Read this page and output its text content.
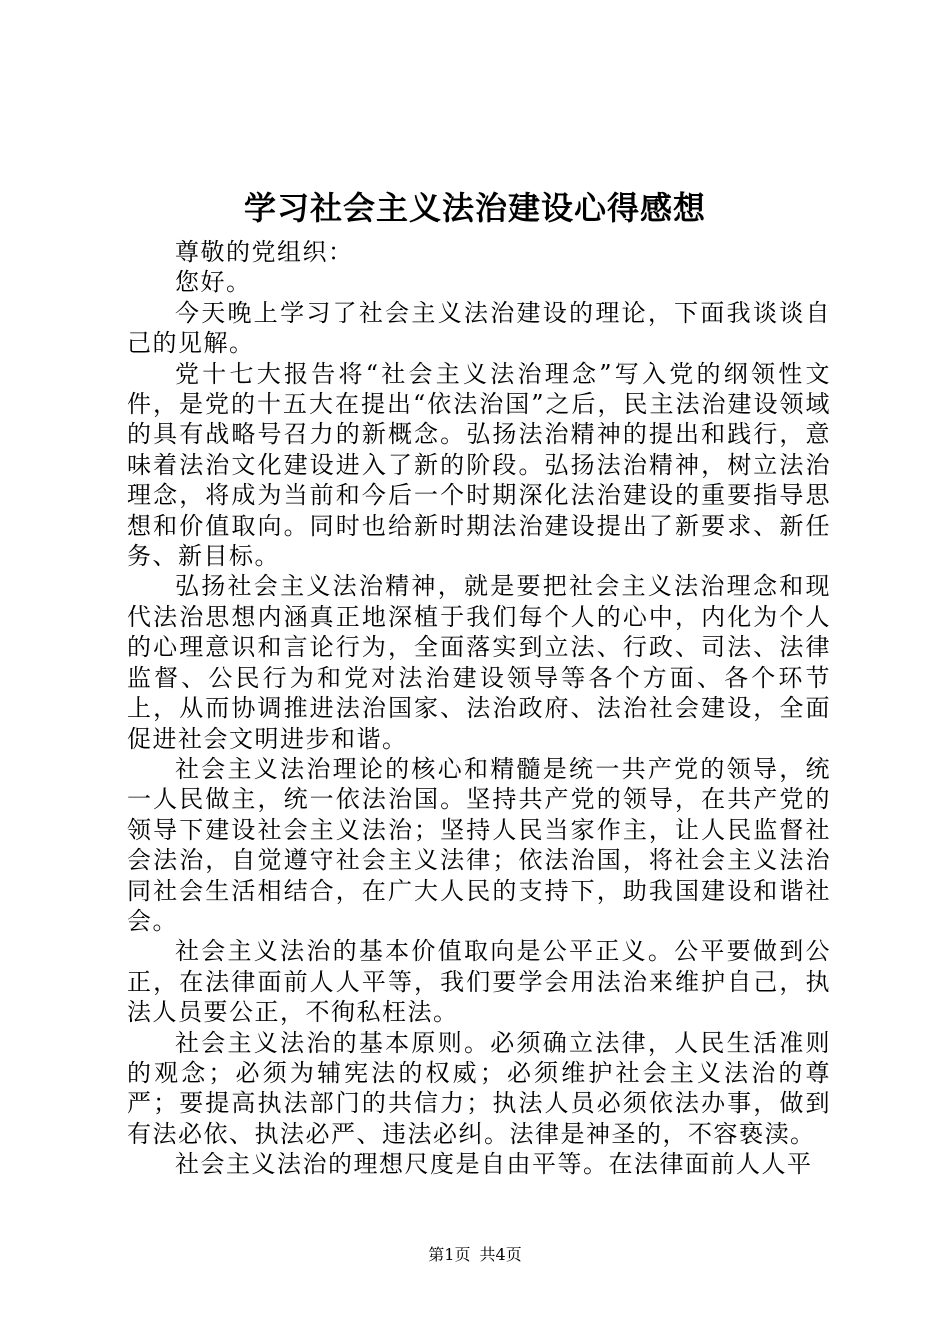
学习社会主义法治建设心得感想

尊敬的党组织：

您好。

今天晚上学习了社会主义法治建设的理论，下面我谈谈自己的见解。

党十七大报告将“社会主义法治理念”写入党的纲领性文件，是党的十五大在提出“依法治国”之后，民主法治建设领域的具有战略号召力的新概念。弘扬法治精神的提出和践行，意味着法治文化建设进入了新的阶段。弘扬法治精神，树立法治理念，将成为当前和今后一个时期深化法治建设的重要指导思想和价值取向。同时也给新时期法治建设提出了新要求、新任务、新目标。

弘扬社会主义法治精神，就是要把社会主义法治理念和现代法治思想内涵真正地深植于我们每个人的心中，内化为个人的心理意识和言论行为，全面落实到立法、行政、司法、法律监督、公民行为和党对法治建设领导等各个方面、各个环节上，从而协调推进法治国家、法治政府、法治社会建设，全面促进社会文明进步和谐。

社会主义法治理论的核心和精髓是统一共产党的领导，统一人民做主，统一依法治国。坚持共产党的领导，在共产党的领导下建设社会主义法治；坚持人民当家作主，让人民监督社会法治，自觉遵守社会主义法律；依法治国，将社会主义法治同社会生活相结合，在广大人民的支持下，助我国建设和谐社会。

社会主义法治的基本价值取向是公平正义。公平要做到公正，在法律面前人人平等，我们要学会用法治来维护自己，执法人员要公正，不徇私枉法。

社会主义法治的基本原则。必须确立法律，人民生活准则的观念；必须为辅宪法的权威；必须维护社会主义法治的尊严；要提高执法部门的共信力；执法人员必须依法办事，做到有法必依、执法必严、违法必纠。法律是神圣的，不容亵渎。

社会主义法治的理想尺度是自由平等。在法律面前人人平

第1页 共4页
